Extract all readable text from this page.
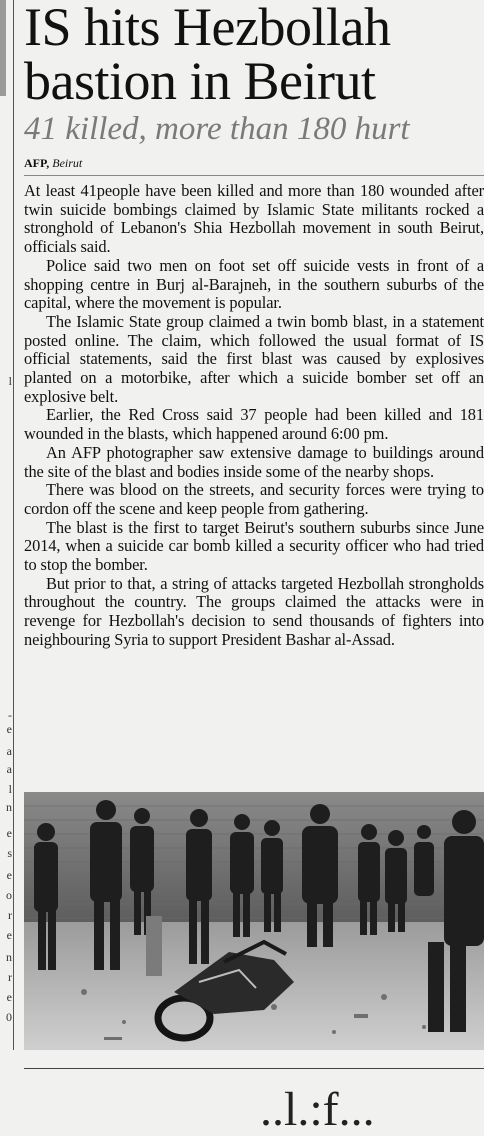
l
-
e
a
a
l
n
e
s
e
o
r
e
n
r
e
0
IS hits Hezbollah
bastion in Beirut
41 killed, more than 180 hurt
AFP, Beirut

At least 41people have been killed and more than 180 wounded after twin suicide bombings claimed by Islamic State militants rocked a stronghold of Lebanon's Shia Hezbollah movement in south Beirut, officials said.

Police said two men on foot set off suicide vests in front of a shopping centre in Burj al-Barajneh, in the southern suburbs of the capital, where the movement is popular.

The Islamic State group claimed a twin bomb blast, in a statement posted online. The claim, which followed the usual format of IS official statements, said the first blast was caused by explosives planted on a motorbike, after which a suicide bomber set off an explosive belt.

Earlier, the Red Cross said 37 people had been killed and 181 wounded in the blasts, which happened around 6:00 pm.

An AFP photographer saw extensive damage to buildings around the site of the blast and bodies inside some of the nearby shops.

There was blood on the streets, and security forces were trying to cordon off the scene and keep people from gathering.

The blast is the first to target Beirut's southern suburbs since June 2014, when a suicide car bomb killed a security officer who had tried to stop the bomber.

But prior to that, a string of attacks targeted Hezbollah strongholds throughout the country. The groups claimed the attacks were in revenge for Hezbollah's decision to send thousands of fighters into neighbouring Syria to support President Bashar al-Assad.

..l.:f...
